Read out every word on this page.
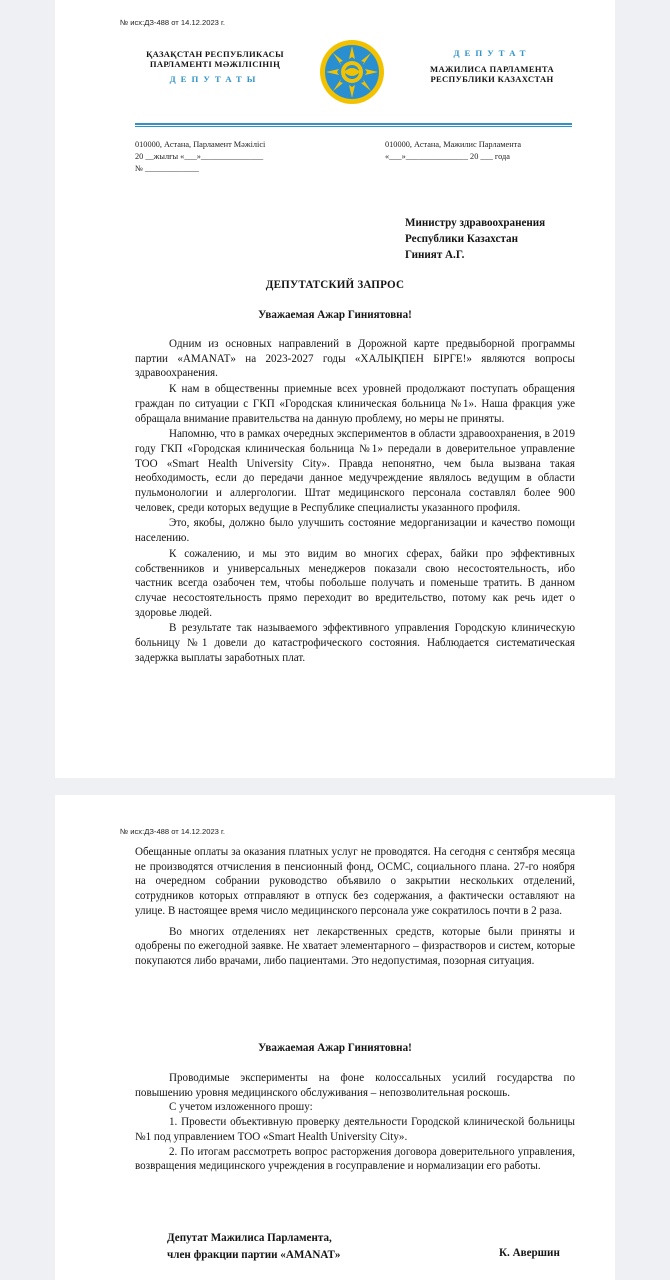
№ исх:ДЗ-488 от 14.12.2023 г.
ҚАЗАҚСТАН РЕСПУБЛИКАСЫ
ПАРЛАМЕНТІ МӘЖІЛІСІНІҢ
ДЕПУТАТЫ
ДЕПУТАТ
МАЖИЛИСА ПАРЛАМЕНТА
РЕСПУБЛИКИ КАЗАХСТАН
010000, Астана, Парламент Мәжілісі
20 __жылғы «___»_______________
№ _____________
010000, Астана, Мажилис Парламента
«___»_______________ 20 ___ года
Министру здравоохранения
Республики Казахстан
Гиният А.Г.
ДЕПУТАТСКИЙ ЗАПРОС
Уважаемая Ажар Гиниятовна!

Одним из основных направлений в Дорожной карте предвыборной программы партии «AMANAT» на 2023-2027 годы «ХАЛЫҚПЕН БІРГЕ!» являются вопросы здравоохранения.

К нам в общественны приемные всех уровней продолжают поступать обращения граждан по ситуации с ГКП «Городская клиническая больница №1». Наша фракция уже обращала внимание правительства на данную проблему, но меры не приняты.

Напомню, что в рамках очередных экспериментов в области здравоохранения, в 2019 году ГКП «Городская клиническая больница №1» передали в доверительное управление ТОО «Smart Health University City». Правда непонятно, чем была вызвана такая необходимость, если до передачи данное медучреждение являлось ведущим в области пульмонологии и аллергологии. Штат медицинского персонала составлял более 900 человек, среди которых ведущие в Республике специалисты указанного профиля.

Это, якобы, должно было улучшить состояние медорганизации и качество помощи населению.

К сожалению, и мы это видим во многих сферах, байки про эффективных собственников и универсальных менеджеров показали свою несостоятельность, ибо частник всегда озабочен тем, чтобы побольше получать и поменьше тратить. В данном случае несостоятельность прямо переходит во вредительство, потому как речь идет о здоровье людей.

В результате так называемого эффективного управления Городскую клиническую больницу №1 довели до катастрофического состояния. Наблюдается систематическая задержка выплаты заработных плат.

№ исх:ДЗ-488 от 14.12.2023 г.

Обещанные оплаты за оказания платных услуг не проводятся. На сегодня с сентября месяца не производятся отчисления в пенсионный фонд, ОСМС, социального плана. 27-го ноября на очередном собрании руководство объявило о закрытии нескольких отделений, сотрудников которых отправляют в отпуск без содержания, а фактически оставляют на улице. В настоящее время число медицинского персонала уже сократилось почти в 2 раза.

Во многих отделениях нет лекарственных средств, которые были приняты и одобрены по ежегодной заявке. Не хватает элементарного – физрастворов и систем, которые покупаются либо врачами, либо пациентами. Это недопустимая, позорная ситуация.

Уважаемая Ажар Гиниятовна!

Проводимые эксперименты на фоне колоссальных усилий государства по повышению уровня медицинского обслуживания – непозволительная роскошь.

С учетом изложенного прошу:

1. Провести объективную проверку деятельности Городской клинической больницы №1 под управлением ТОО «Smart Health University City».

2. По итогам рассмотреть вопрос расторжения договора доверительного управления, возвращения медицинского учреждения в госуправление и нормализации его работы.

Депутат Мажилиса Парламента,
член фракции партии «AMANAT»	К. Авершин
